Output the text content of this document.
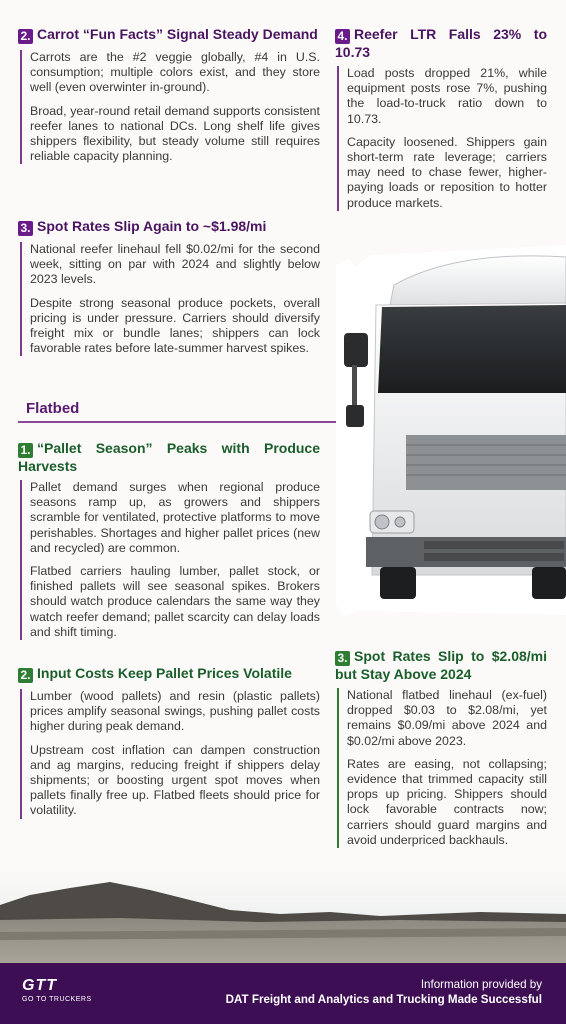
2. Carrot “Fun Facts” Signal Steady Demand

Carrots are the #2 veggie globally, #4 in U.S. consumption; multiple colors exist, and they store well (even overwinter in-ground).

Broad, year-round retail demand supports consistent reefer lanes to national DCs. Long shelf life gives shippers flexibility, but steady volume still requires reliable capacity planning.

3. Spot Rates Slip Again to ~$1.98/mi

National reefer linehaul fell $0.02/mi for the second week, sitting on par with 2024 and slightly below 2023 levels.

Despite strong seasonal produce pockets, overall pricing is under pressure. Carriers should diversify freight mix or bundle lanes; shippers can lock favorable rates before late-summer harvest spikes.

Flatbed
1. “Pallet Season” Peaks with Produce Harvests

Pallet demand surges when regional produce seasons ramp up, as growers and shippers scramble for ventilated, protective platforms to move perishables. Shortages and higher pallet prices (new and recycled) are common.

Flatbed carriers hauling lumber, pallet stock, or finished pallets will see seasonal spikes. Brokers should watch produce calendars the same way they watch reefer demand; pallet scarcity can delay loads and shift timing.

2. Input Costs Keep Pallet Prices Volatile

Lumber (wood pallets) and resin (plastic pallets) prices amplify seasonal swings, pushing pallet costs higher during peak demand.

Upstream cost inflation can dampen construction and ag margins, reducing freight if shippers delay shipments; or boosting urgent spot moves when pallets finally free up. Flatbed fleets should price for volatility.

4. Reefer LTR Falls 23% to 10.73

Load posts dropped 21%, while equipment posts rose 7%, pushing the load-to-truck ratio down to 10.73.

Capacity loosened. Shippers gain short-term rate leverage; carriers may need to chase fewer, higher-paying loads or reposition to hotter produce markets.

3. Spot Rates Slip to $2.08/mi but Stay Above 2024

National flatbed linehaul (ex-fuel) dropped $0.03 to $2.08/mi, yet remains $0.09/mi above 2024 and $0.02/mi above 2023.

Rates are easing, not collapsing; evidence that trimmed capacity still props up pricing. Shippers should lock favorable contracts now; carriers should guard margins and avoid underpriced backhauls.

GTT
GO TO TRUCKERS
Information provided by
DAT Freight and Analytics and Trucking Made Successful
